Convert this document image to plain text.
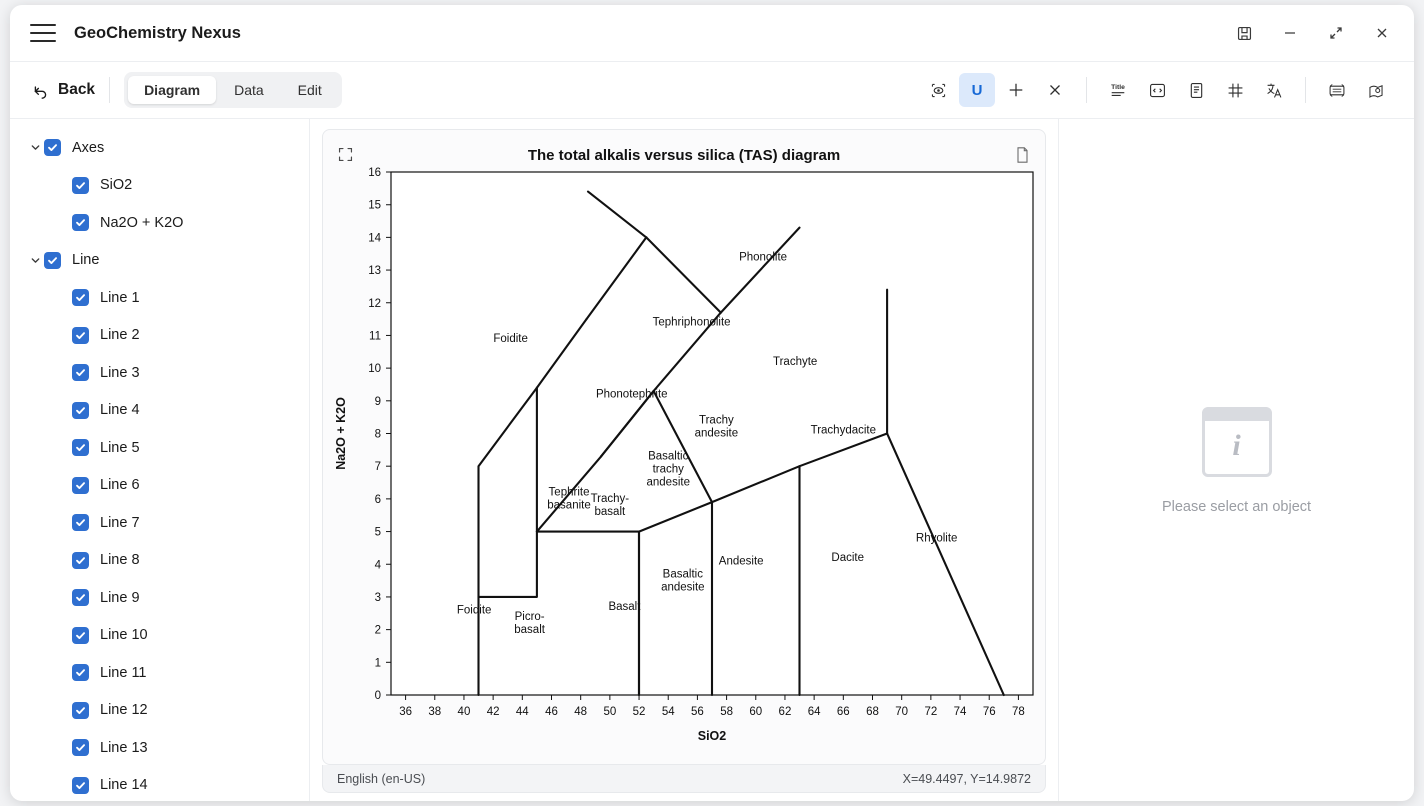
GeoChemistry Nexus
Back	Diagram	Data	Edit	U	Title
Axes
SiO2
Na2O + K2O
Line
Line 1
Line 2
Line 3
Line 4
Line 5
Line 6
Line 7
Line 8
Line 9
Line 10
Line 11
Line 12
Line 13
Line 14
The total alkalis versus silica (TAS) diagram
36 38 40 42 44 46 48 50 52 54 56 58 60 62 64 66 68 70 72 74 76 78
0
1
2
3
4
5
6
7
8
9
10
11
12
13
14
15
16
SiO2
Na2O + K2O
Phonolite
Tephriphonolite
Foidite
Trachyte
Phonotephrite
Trachydacite
Trachy andesite
Basaltic trachy andesite
Tephrite basanite
Trachy-basalt
Rhyolite
Dacite
Andesite
Basaltic andesite
Basalt
Picro-basalt
Foidite
English (en-US)	X=49.4497, Y=14.9872
i
Please select an object
